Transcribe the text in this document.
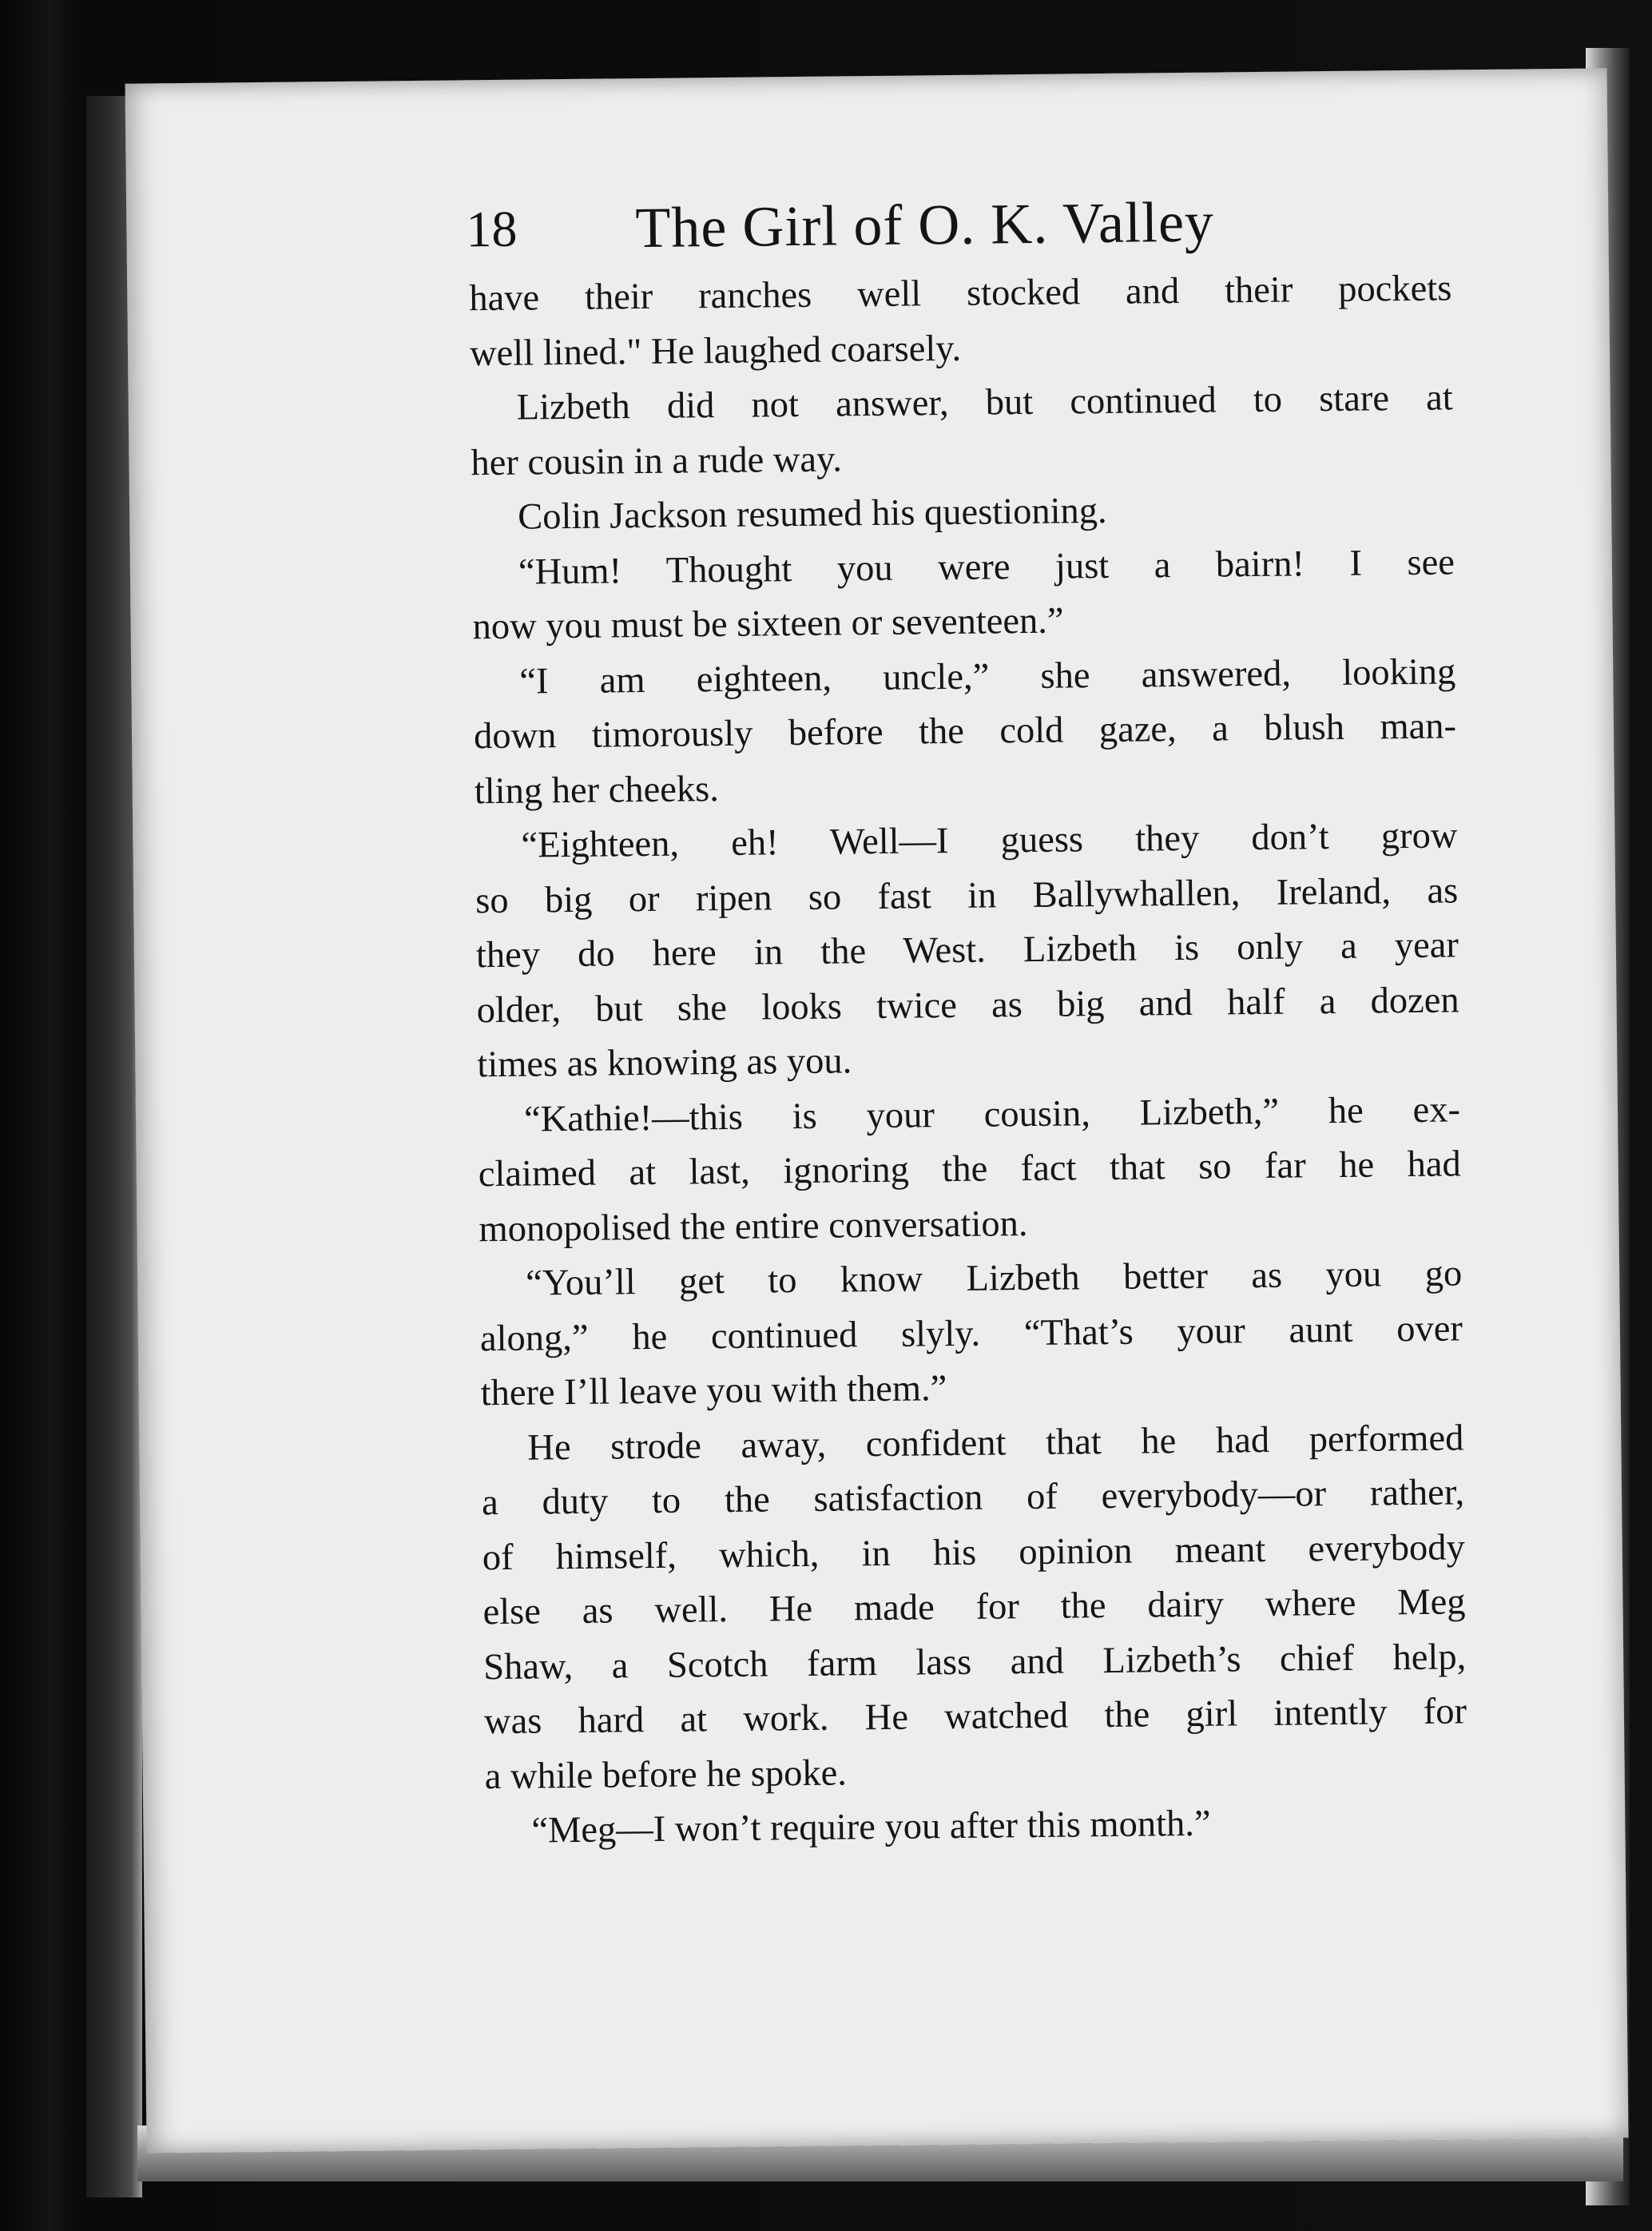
18 The Girl of O. K. Valley
have their ranches well stocked and their pockets
well lined." He laughed coarsely.
Lizbeth did not answer, but continued to stare at
her cousin in a rude way.
Colin Jackson resumed his questioning.
“Hum! Thought you were just a bairn! I see
now you must be sixteen or seventeen.”
“I am eighteen, uncle,” she answered, looking
down timorously before the cold gaze, a blush man-
tling her cheeks.
“Eighteen, eh! Well—I guess they don’t grow
so big or ripen so fast in Ballywhallen, Ireland, as
they do here in the West. Lizbeth is only a year
older, but she looks twice as big and half a dozen
times as knowing as you.
“Kathie!—this is your cousin, Lizbeth,” he ex-
claimed at last, ignoring the fact that so far he had
monopolised the entire conversation.
“You’ll get to know Lizbeth better as you go
along,” he continued slyly. “That’s your aunt over
there I’ll leave you with them.”
He strode away, confident that he had performed
a duty to the satisfaction of everybody—or rather,
of himself, which, in his opinion meant everybody
else as well. He made for the dairy where Meg
Shaw, a Scotch farm lass and Lizbeth’s chief help,
was hard at work. He watched the girl intently for
a while before he spoke.
“Meg—I won’t require you after this month.”
